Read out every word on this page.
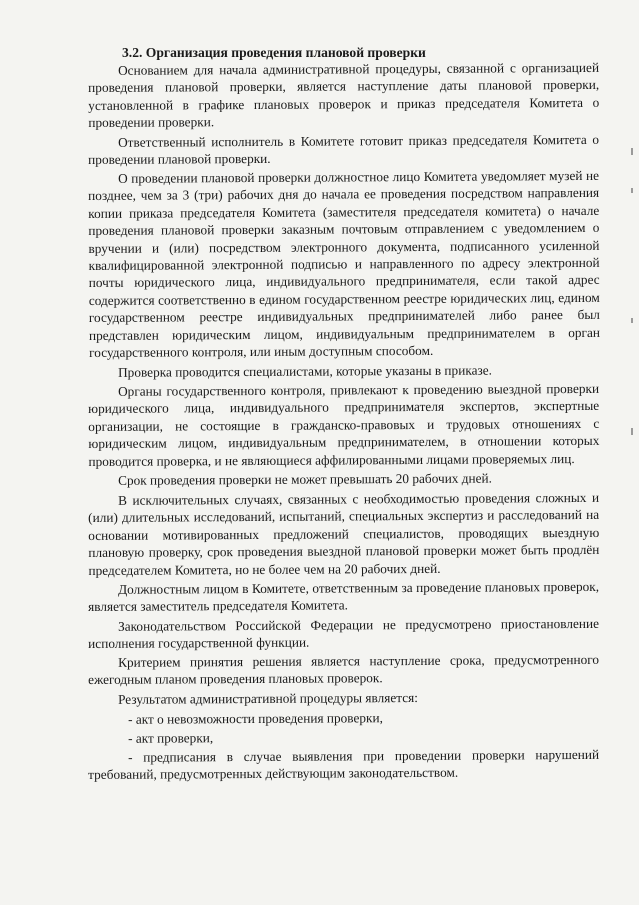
3.2. Организация проведения плановой проверки
Основанием для начала административной процедуры, связанной с организацией проведения плановой проверки, является наступление даты плановой проверки, установленной в графике плановых проверок и приказ председателя Комитета о проведении проверки.
Ответственный исполнитель в Комитете готовит приказ председателя Комитета о проведении плановой проверки.
О проведении плановой проверки должностное лицо Комитета уведомляет музей не позднее, чем за 3 (три) рабочих дня до начала ее проведения посредством направления копии приказа председателя Комитета (заместителя председателя комитета) о начале проведения плановой проверки заказным почтовым отправлением с уведомлением о вручении и (или) посредством электронного документа, подписанного усиленной квалифицированной электронной подписью и направленного по адресу электронной почты юридического лица, индивидуального предпринимателя, если такой адрес содержится соответственно в едином государственном реестре юридических лиц, едином государственном реестре индивидуальных предпринимателей либо ранее был представлен юридическим лицом, индивидуальным предпринимателем в орган государственного контроля, или иным доступным способом.
Проверка проводится специалистами, которые указаны в приказе.
Органы государственного контроля, привлекают к проведению выездной проверки юридического лица, индивидуального предпринимателя экспертов, экспертные организации, не состоящие в гражданско-правовых и трудовых отношениях с юридическим лицом, индивидуальным предпринимателем, в отношении которых проводится проверка, и не являющиеся аффилированными лицами проверяемых лиц.
Срок проведения проверки не может превышать 20 рабочих дней.
В исключительных случаях, связанных с необходимостью проведения сложных и (или) длительных исследований, испытаний, специальных экспертиз и расследований на основании мотивированных предложений специалистов, проводящих выездную плановую проверку, срок проведения выездной плановой проверки может быть продлён председателем Комитета, но не более чем на 20 рабочих дней.
Должностным лицом в Комитете, ответственным за проведение плановых проверок, является заместитель председателя Комитета.
Законодательством Российской Федерации не предусмотрено приостановление исполнения государственной функции.
Критерием принятия решения является наступление срока, предусмотренного ежегодным планом проведения плановых проверок.
Результатом административной процедуры является:
- акт о невозможности проведения проверки,
- акт проверки,
- предписания в случае выявления при проведении проверки нарушений требований, предусмотренных действующим законодательством.
